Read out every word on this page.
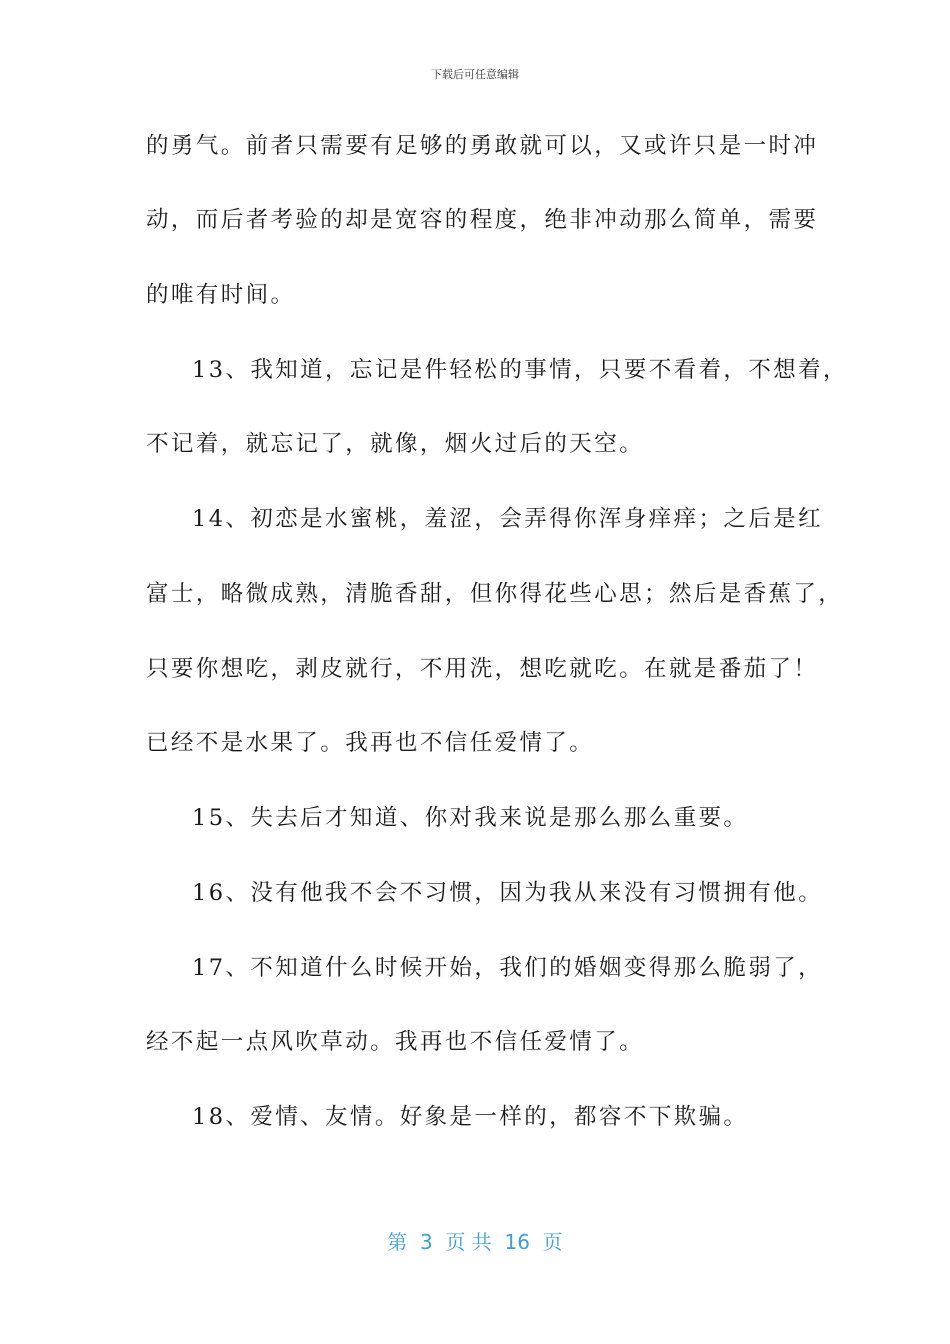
下载后可任意编辑
的勇气。前者只需要有足够的勇敢就可以，又或许只是一时冲
动，而后者考验的却是宽容的程度，绝非冲动那么简单，需要
的唯有时间。
13、我知道，忘记是件轻松的事情，只要不看着，不想着，
不记着，就忘记了，就像，烟火过后的天空。
14、初恋是水蜜桃，羞涩，会弄得你浑身痒痒；之后是红
富士，略微成熟，清脆香甜，但你得花些心思；然后是香蕉了，
只要你想吃，剥皮就行，不用洗，想吃就吃。在就是番茄了！
已经不是水果了。我再也不信任爱情了。
15、失去后才知道、你对我来说是那么那么重要。
16、没有他我不会不习惯，因为我从来没有习惯拥有他。
17、不知道什么时候开始，我们的婚姻变得那么脆弱了，
经不起一点风吹草动。我再也不信任爱情了。
18、爱情、友情。好象是一样的，都容不下欺骗。
第  3  页 共  16  页
